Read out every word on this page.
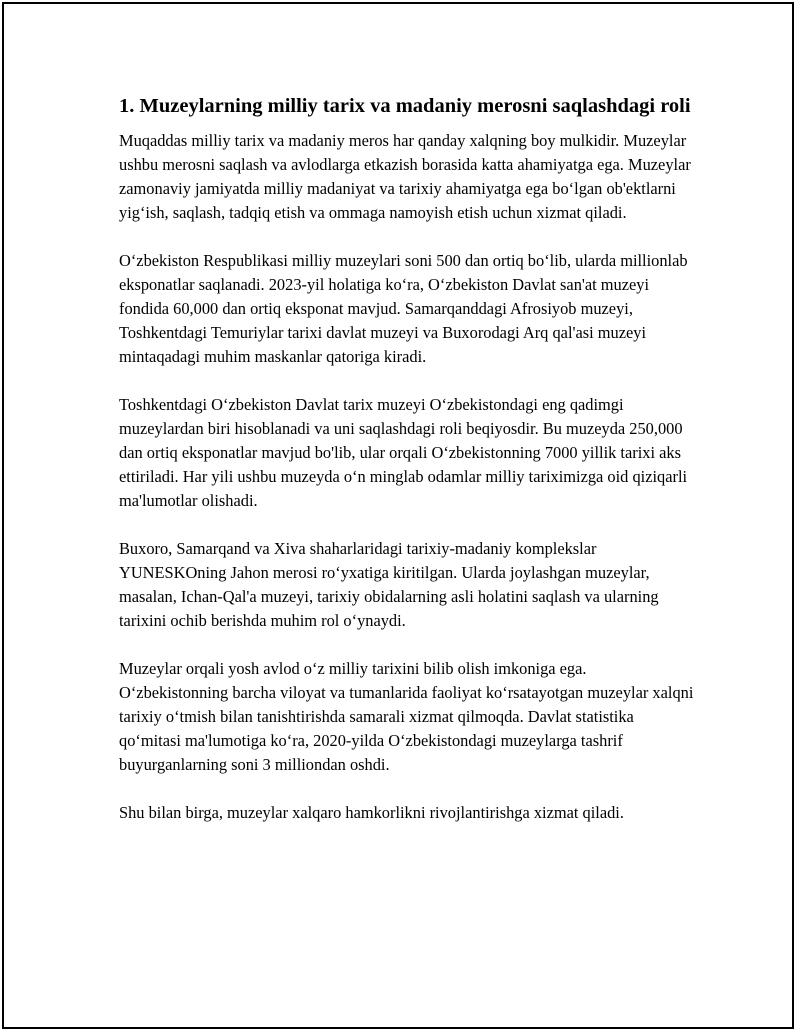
1. Muzeylarning milliy tarix va madaniy merosni saqlashdagi roli

Muqaddas milliy tarix va madaniy meros har qanday xalqning boy mulkidir. Muzeylar ushbu merosni saqlash va avlodlarga etkazish borasida katta ahamiyatga ega. Muzeylar zamonaviy jamiyatda milliy madaniyat va tarixiy ahamiyatga ega bo‘lgan ob'ektlarni yig‘ish, saqlash, tadqiq etish va ommaga namoyish etish uchun xizmat qiladi.

O‘zbekiston Respublikasi milliy muzeylari soni 500 dan ortiq bo‘lib, ularda millionlab eksponatlar saqlanadi. 2023-yil holatiga ko‘ra, O‘zbekiston Davlat san'at muzeyi fondida 60,000 dan ortiq eksponat mavjud. Samarqanddagi Afrosiyob muzeyi, Toshkentdagi Temuriylar tarixi davlat muzeyi va Buxorodagi Arq qal'asi muzeyi mintaqadagi muhim maskanlar qatoriga kiradi.

Toshkentdagi O‘zbekiston Davlat tarix muzeyi O‘zbekistondagi eng qadimgi muzeylardan biri hisoblanadi va uni saqlashdagi roli beqiyosdir. Bu muzeyda 250,000 dan ortiq eksponatlar mavjud bo'lib, ular orqali O‘zbekistonning 7000 yillik tarixi aks ettiriladi. Har yili ushbu muzeyda o‘n minglab odamlar milliy tariximizga oid qiziqarli ma'lumotlar olishadi.

Buxoro, Samarqand va Xiva shaharlaridagi tarixiy-madaniy komplekslar YUNESKOning Jahon merosi ro‘yxatiga kiritilgan. Ularda joylashgan muzeylar, masalan, Ichan-Qal'a muzeyi, tarixiy obidalarning asli holatini saqlash va ularning tarixini ochib berishda muhim rol o‘ynaydi.

Muzeylar orqali yosh avlod o‘z milliy tarixini bilib olish imkoniga ega. O‘zbekistonning barcha viloyat va tumanlarida faoliyat ko‘rsatayotgan muzeylar xalqni tarixiy o‘tmish bilan tanishtirishda samarali xizmat qilmoqda. Davlat statistika qo‘mitasi ma'lumotiga ko‘ra, 2020-yilda O‘zbekistondagi muzeylarga tashrif buyurganlarning soni 3 milliondan oshdi.

Shu bilan birga, muzeylar xalqaro hamkorlikni rivojlantirishga xizmat qiladi.
